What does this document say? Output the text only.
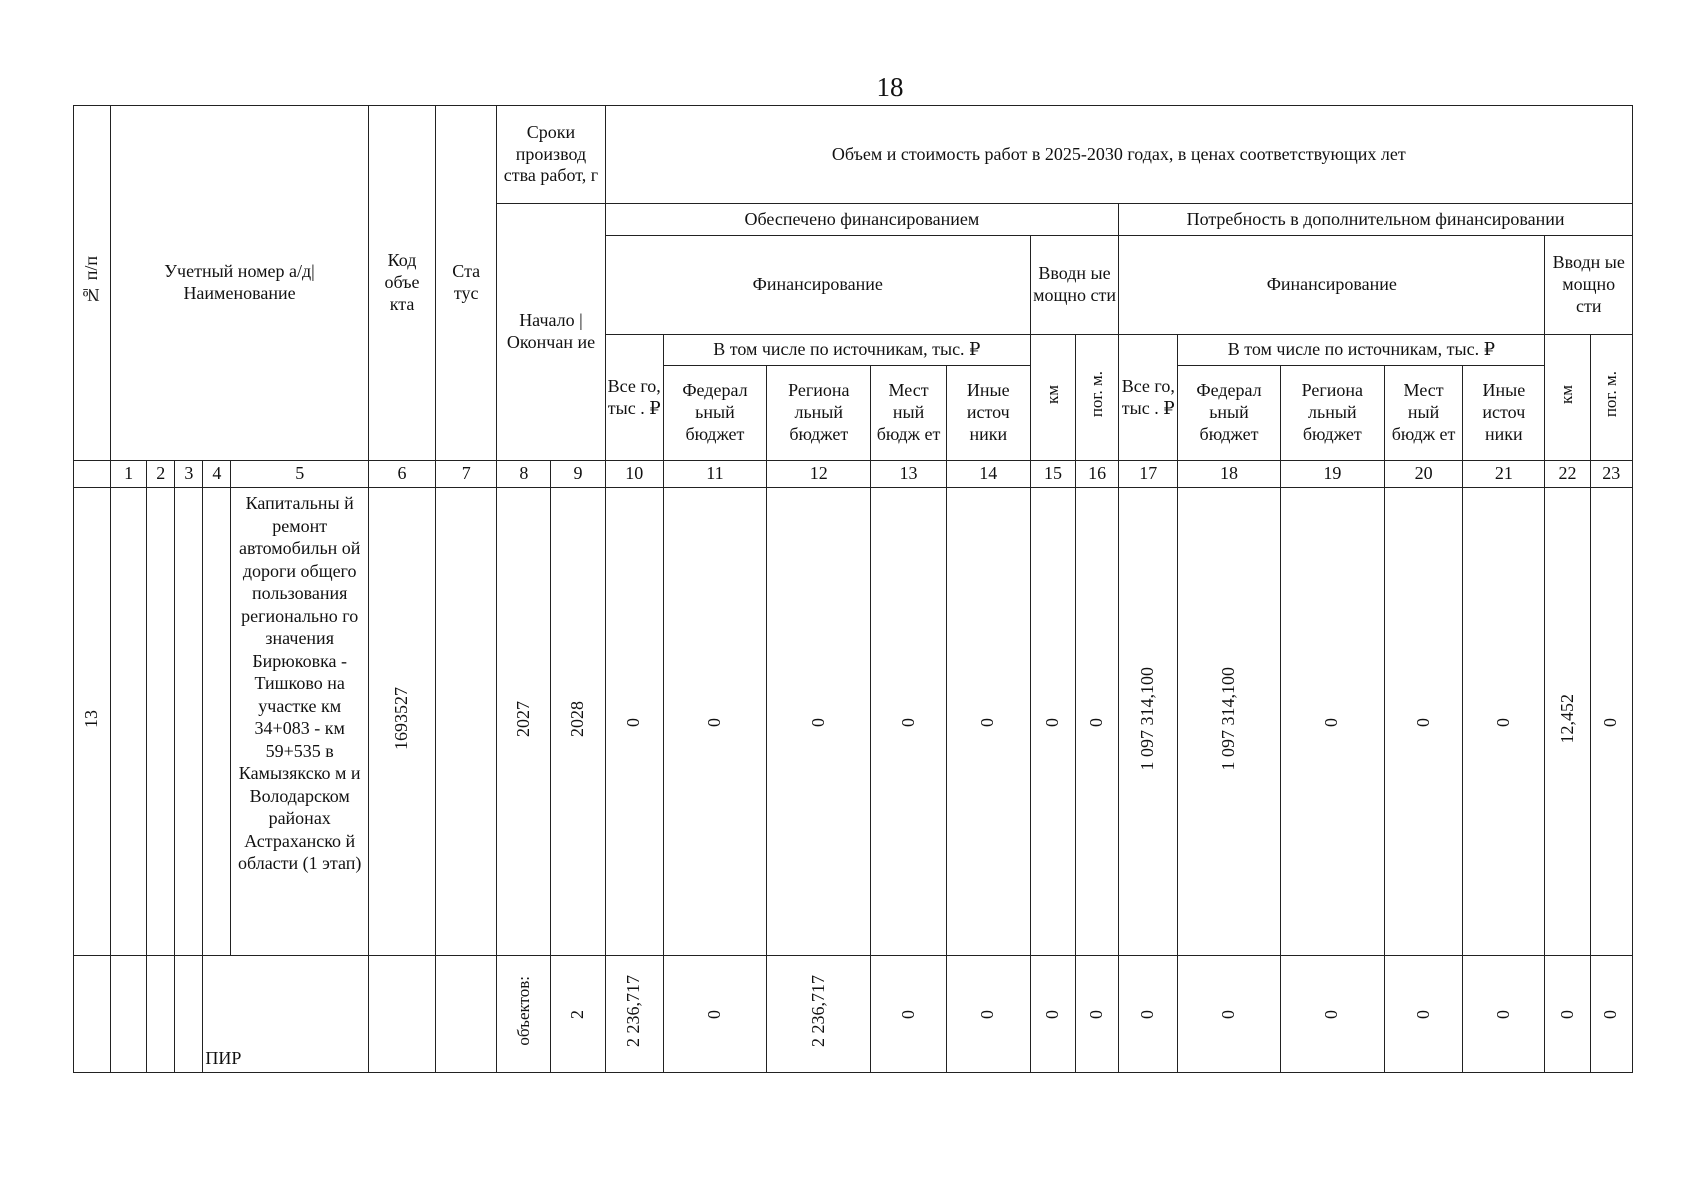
18
№ п/п	Учетный номер а/д| Наименование					Код объе кта	Ста тус	Сроки производ ства работ, г		Объем и стоимость работ в 2025-2030 годах, в ценах соответствующих лет													
								Начало | Окончан ие		Обеспечено финансированием							Потребность в дополнительном финансировании						
										Финансирование					Вводн ые мощно сти		Финансирование					Вводн ые мощно сти	
										Все го, тыс . ₽	В том числе по источникам, тыс. ₽				км	пог. м.	Все го, тыс . ₽	В том числе по источникам, тыс. ₽				км	пог. м.
											Федерал ьный бюджет	Региона льный бюджет	Мест ный бюдж ет	Иные источ ники				Федерал ьный бюджет	Региона льный бюджет	Мест ный бюдж ет	Иные источ ники		
	1	2	3	4	5	6	7	8	9	10	11	12	13	14	15	16	17	18	19	20	21	22	23
13					Капитальны й ремонт автомобильн ой дороги общего пользования регионально го значения Бирюковка - Тишково на участке км 34+083 - км 59+535 в Камызякско м и Володарском районах Астраханско й области (1 этап)	1693527		2027	2028	0	0	0	0	0	0	0	1 097 314,100	1 097 314,100	0	0	0	12,452	0
				ПИР				объектов:	2	2 236,717	0	2 236,717	0	0	0	0	0	0	0	0	0	0	0
